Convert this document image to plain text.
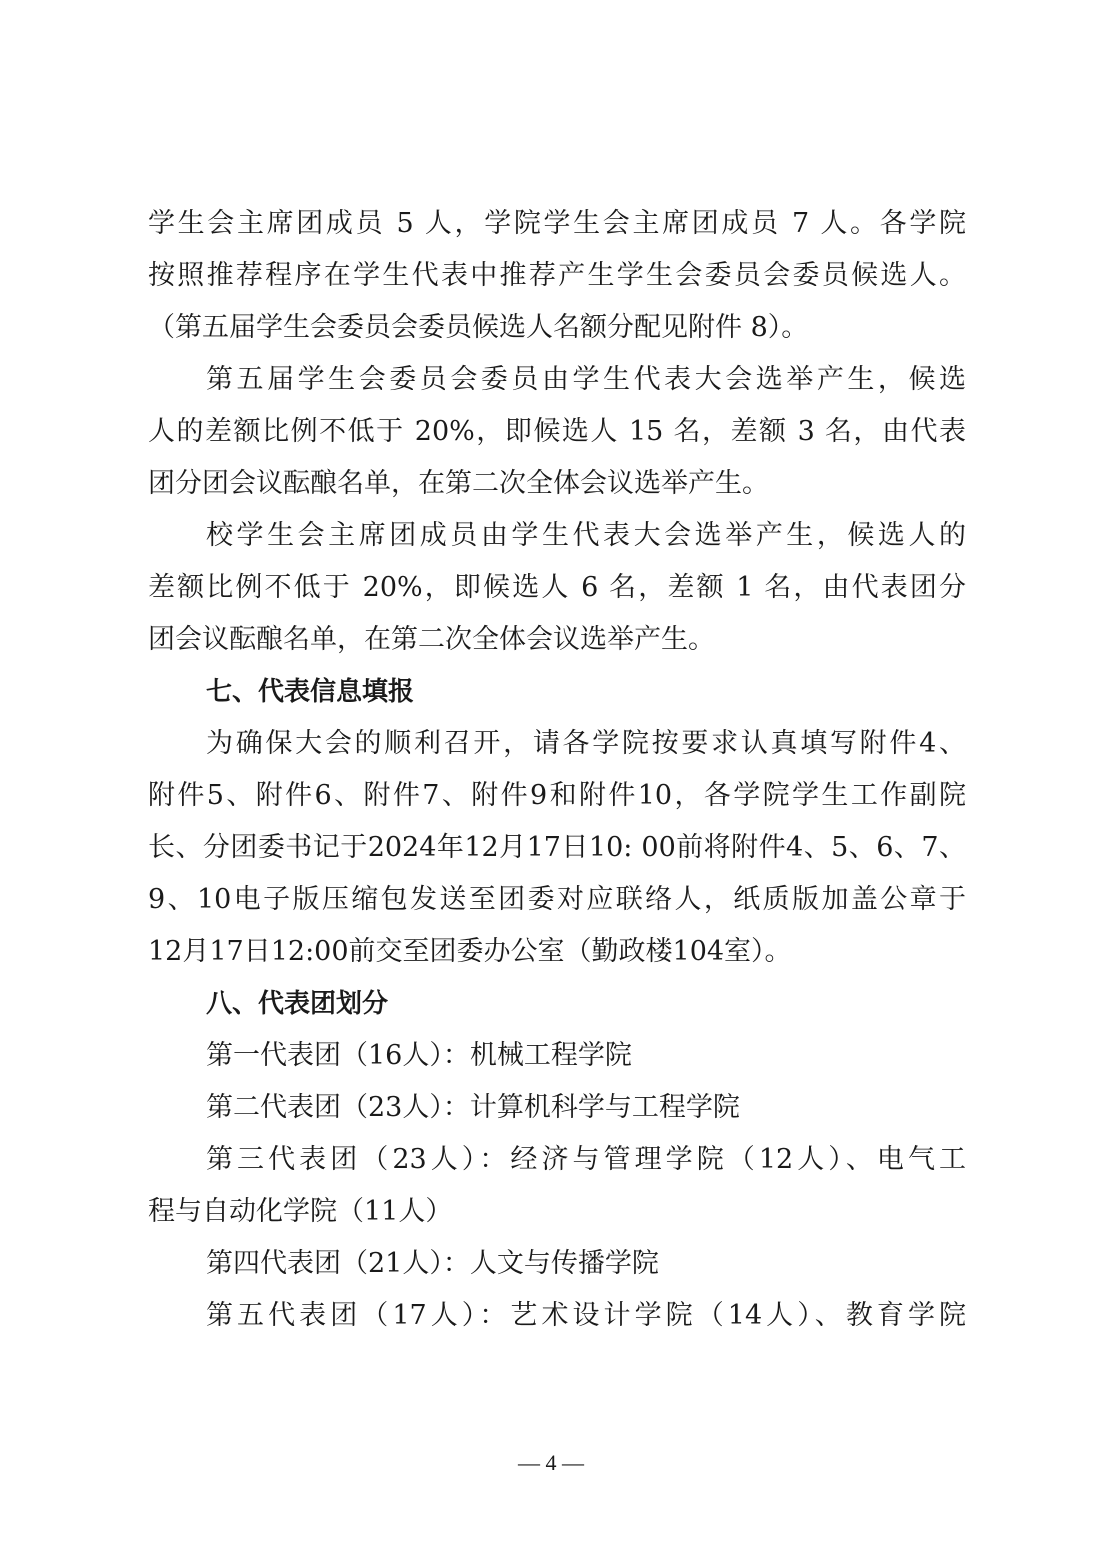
学生会主席团成员 5 人，学院学生会主席团成员 7 人。各学院
按照推荐程序在学生代表中推荐产生学生会委员会委员候选人。
（第五届学生会委员会委员候选人名额分配见附件 8）。
第五届学生会委员会委员由学生代表大会选举产生，候选
人的差额比例不低于 20%，即候选人 15 名，差额 3 名，由代表
团分团会议酝酿名单，在第二次全体会议选举产生。
校学生会主席团成员由学生代表大会选举产生，候选人的
差额比例不低于 20%，即候选人 6 名，差额 1 名，由代表团分
团会议酝酿名单，在第二次全体会议选举产生。
七、代表信息填报
为确保大会的顺利召开，请各学院按要求认真填写附件4、
附件5、附件6、附件7、附件9和附件10，各学院学生工作副院
长、分团委书记于2024年12月17日10: 00前将附件4、5、6、7、
9、10电子版压缩包发送至团委对应联络人，纸质版加盖公章于
12月17日12:00前交至团委办公室（勤政楼104室）。
八、代表团划分
第一代表团（16人）：机械工程学院
第二代表团（23人）：计算机科学与工程学院
第三代表团（23人）：经济与管理学院（12人）、电气工
程与自动化学院（11人）
第四代表团（21人）：人文与传播学院
第五代表团（17人）：艺术设计学院（14人）、教育学院
— 4 —
